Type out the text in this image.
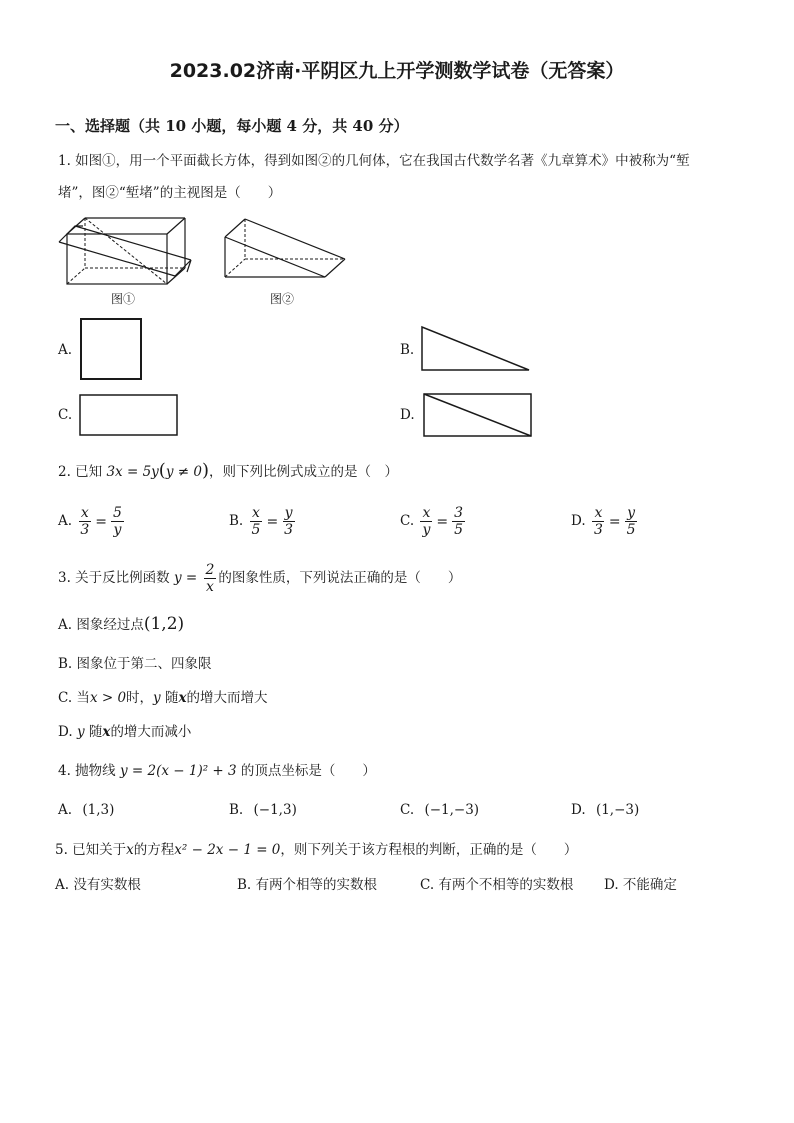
2023.02济南·平阴区九上开学测数学试卷（无答案）
一、选择题（共 10 小题，每小题 4 分，共 40 分）
1. 如图①，用一个平面截长方体，得到如图②的几何体，它在我国古代数学名著《九章算术》中被称为“堑
堵”，图②“堑堵”的主视图是（　　）
图①	图②
A.	B.
C.	D.
2. 已知 3x = 5y(y ≠ 0)，则下列比例式成立的是（　）
A. $\frac{x}{3} = \frac{5}{y}$	B. $\frac{x}{5} = \frac{y}{3}$	C. $\frac{x}{y} = \frac{3}{5}$	D. $\frac{x}{3} = \frac{y}{5}$
3. 关于反比例函数 $y = \frac{2}{x}$ 的图象性质，下列说法正确的是（　　）
A. 图象经过点(1,2)
B. 图象位于第二、四象限
C. 当x > 0时，y 随x的增大而增大
D. y 随x的增大而减小
4. 抛物线 y = 2(x − 1)² + 3 的顶点坐标是（　　）
A. (1,3)	B. (−1,3)	C. (−1,−3)	D. (1,−3)
5. 已知关于x的方程x² − 2x − 1 = 0，则下列关于该方程根的判断，正确的是（　　）
A. 没有实数根	B. 有两个相等的实数根	C. 有两个不相等的实数根 D. 不能确定
